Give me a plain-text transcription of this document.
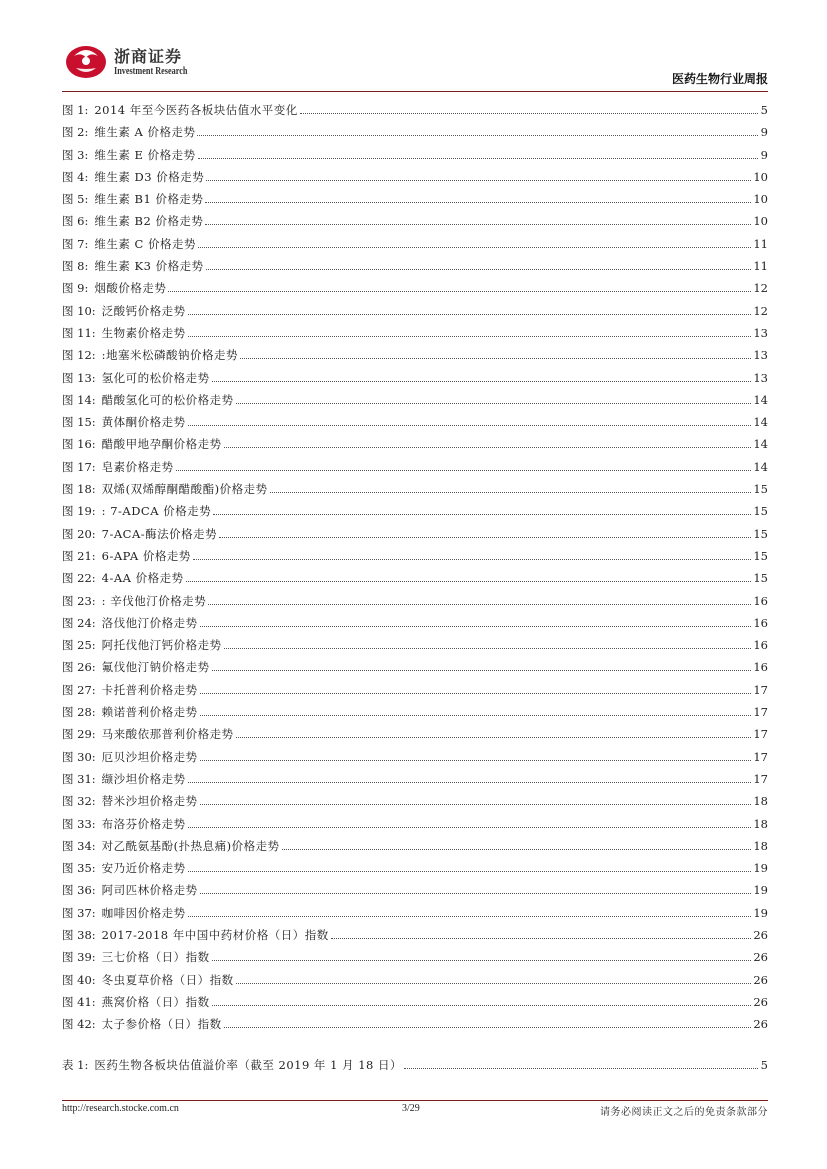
浙商证券
Investment Research
医药生物行业周报
图 1: 2014 年至今医药各板块估值水平变化	5
图 2: 维生素 A 价格走势	9
图 3: 维生素 E 价格走势	9
图 4: 维生素 D3 价格走势	10
图 5: 维生素 B1 价格走势	10
图 6: 维生素 B2 价格走势	10
图 7: 维生素 C 价格走势	11
图 8: 维生素 K3 价格走势	11
图 9: 烟酸价格走势	12
图 10: 泛酸钙价格走势	12
图 11: 生物素价格走势	13
图 12: :地塞米松磷酸钠价格走势	13
图 13: 氢化可的松价格走势	13
图 14: 醋酸氢化可的松价格走势	14
图 15: 黄体酮价格走势	14
图 16: 醋酸甲地孕酮价格走势	14
图 17: 皂素价格走势	14
图 18: 双烯(双烯醇酮醋酸酯)价格走势	15
图 19: : 7-ADCA 价格走势	15
图 20: 7-ACA-酶法价格走势	15
图 21: 6-APA 价格走势	15
图 22: 4-AA 价格走势	15
图 23: : 辛伐他汀价格走势	16
图 24: 洛伐他汀价格走势	16
图 25: 阿托伐他汀钙价格走势	16
图 26: 氟伐他汀钠价格走势	16
图 27: 卡托普利价格走势	17
图 28: 赖诺普利价格走势	17
图 29: 马来酸依那普利价格走势	17
图 30: 厄贝沙坦价格走势	17
图 31: 缬沙坦价格走势	17
图 32: 替米沙坦价格走势	18
图 33: 布洛芬价格走势	18
图 34: 对乙酰氨基酚(扑热息痛)价格走势	18
图 35: 安乃近价格走势	19
图 36: 阿司匹林价格走势	19
图 37: 咖啡因价格走势	19
图 38: 2017-2018 年中国中药材价格（日）指数	26
图 39: 三七价格（日）指数	26
图 40: 冬虫夏草价格（日）指数	26
图 41: 燕窝价格（日）指数	26
图 42: 太子参价格（日）指数	26
表 1: 医药生物各板块估值溢价率（截至 2019 年 1 月 18 日）	5
http://research.stocke.com.cn	3/29	请务必阅读正文之后的免责条款部分
